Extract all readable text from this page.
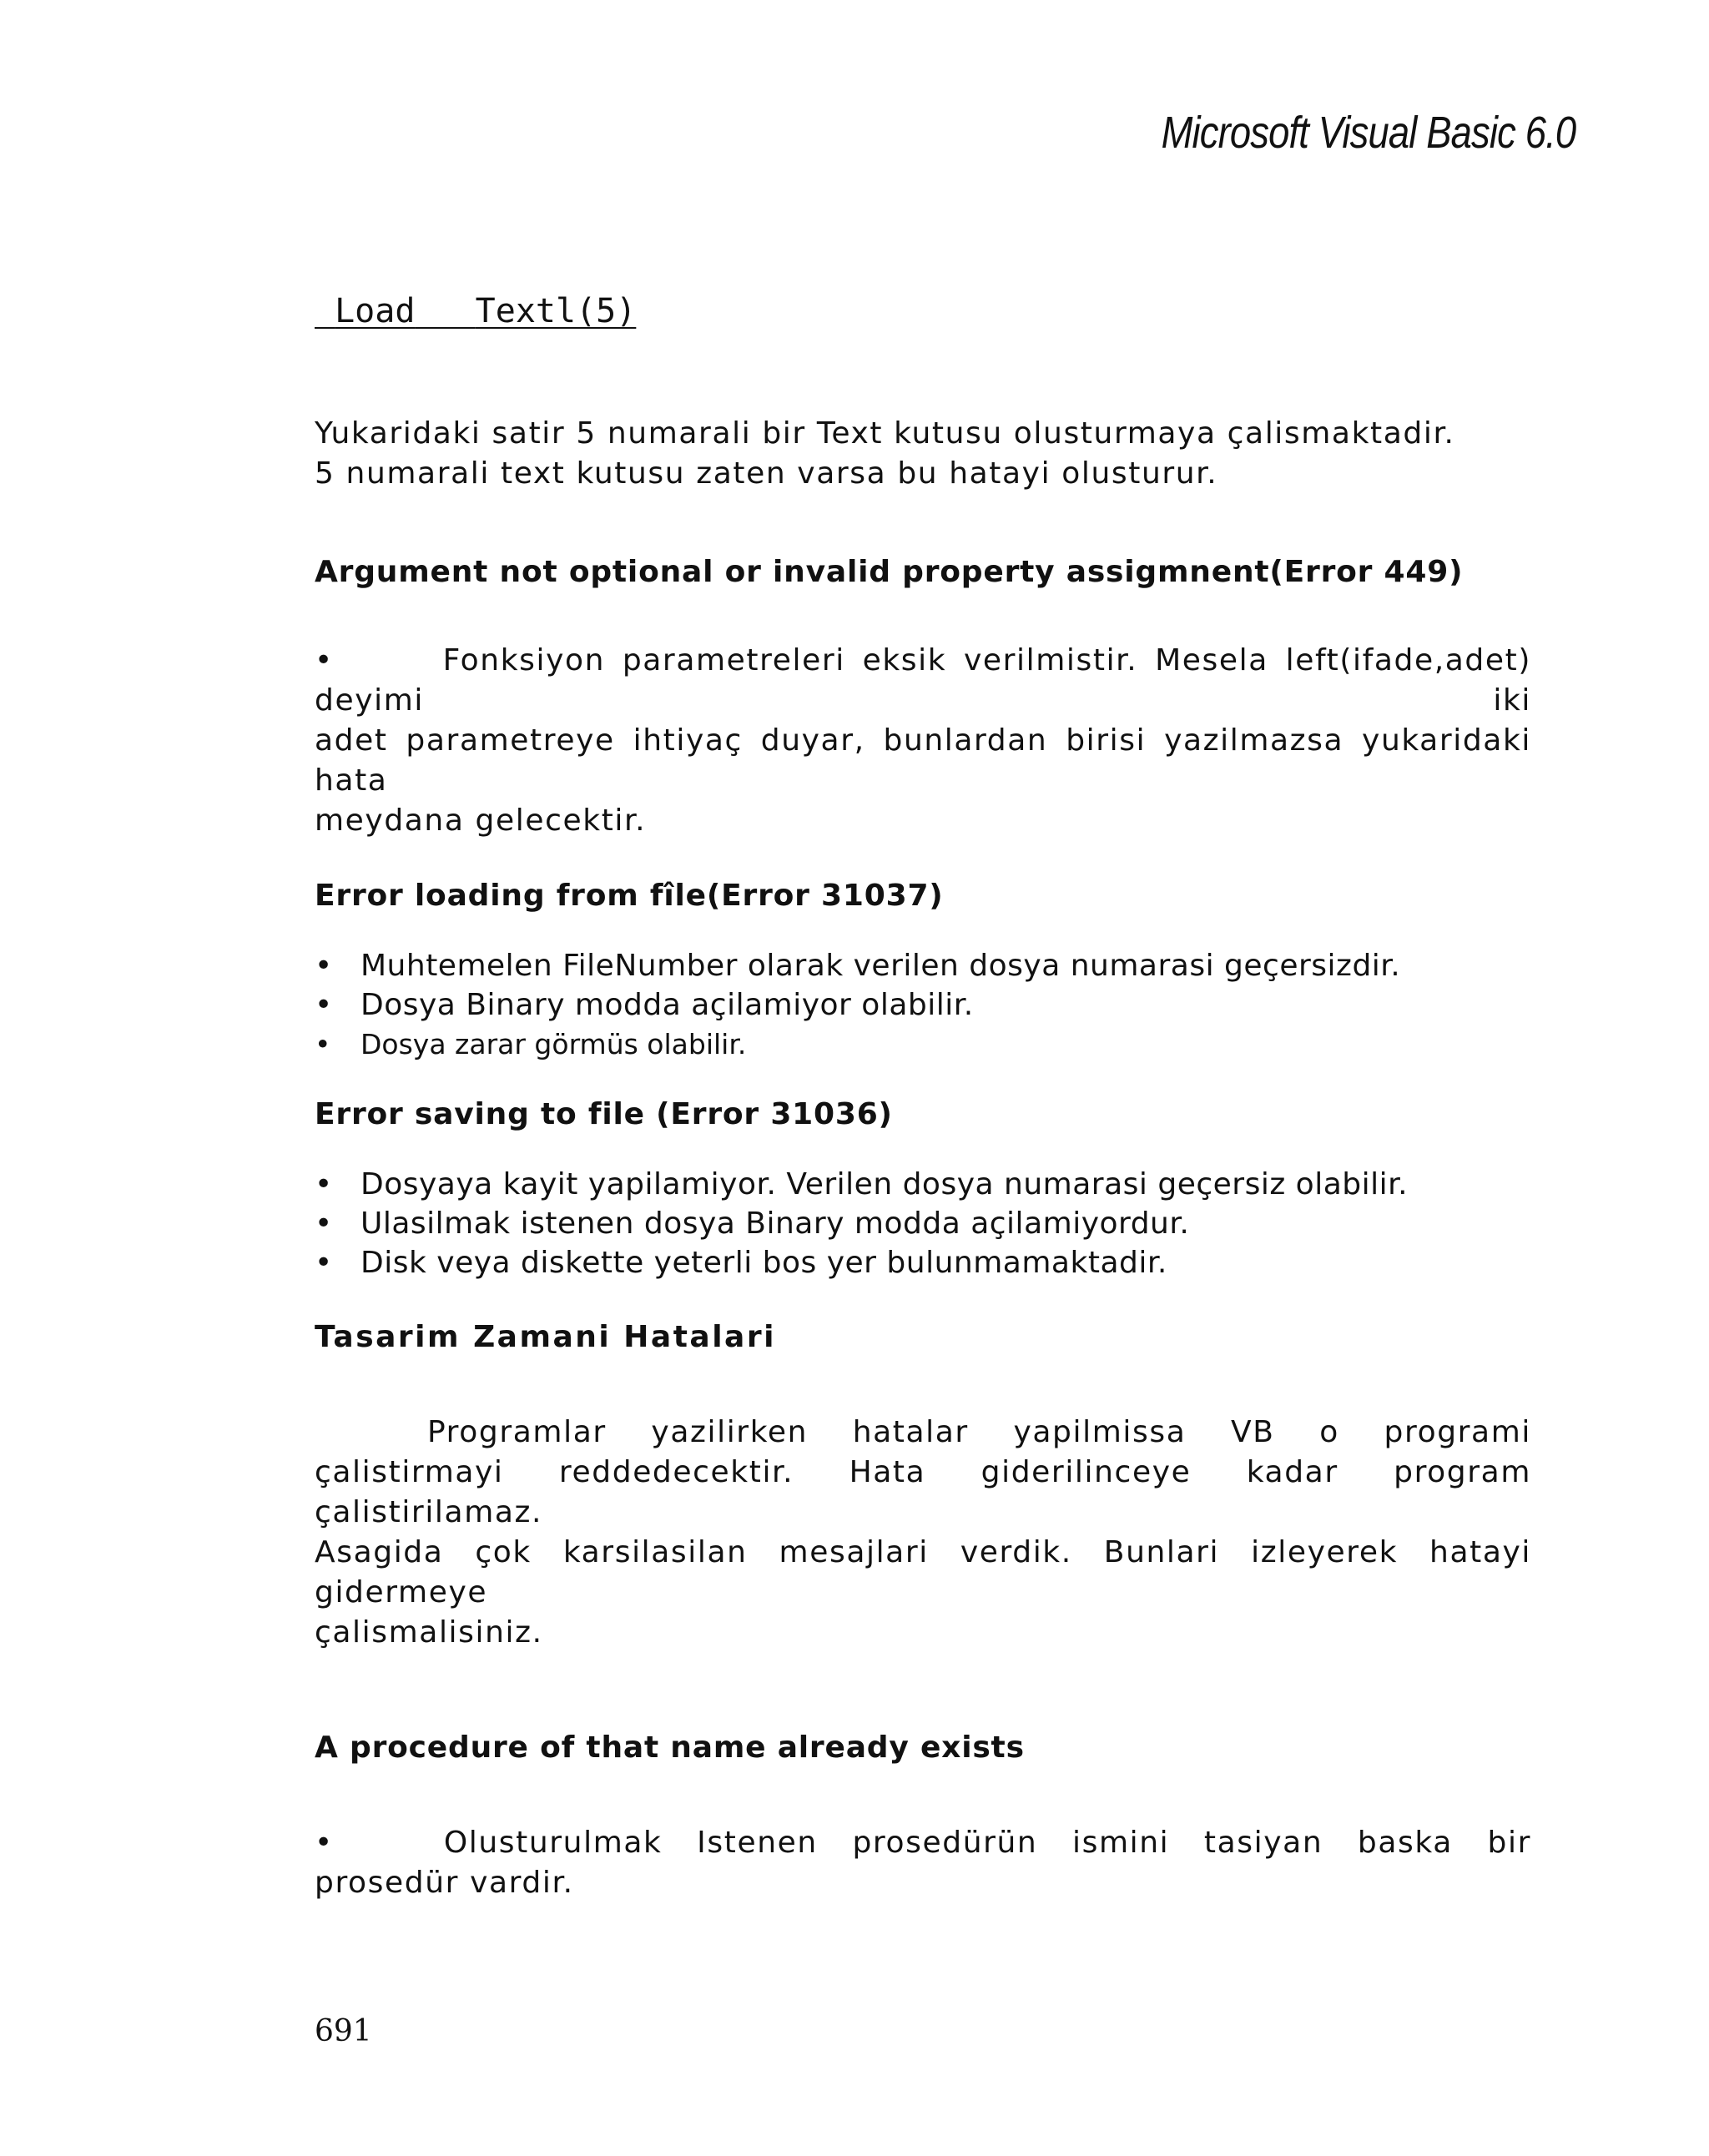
Microsoft Visual Basic 6.0
Load Textl(5)

Yukaridaki satir 5 numarali bir Text kutusu olusturmaya çalismaktadir.

5 numarali text kutusu zaten varsa bu hatayi olusturur.

Argument not optional or invalid property assigmnent(Error 449)

•	Fonksiyon parametreleri eksik verilmistir. Mesela left(ifade,adet)

deyimi	iki

adet parametreye ihtiyaç duyar, bunlardan birisi yazilmazsa yukaridaki

hata

meydana gelecektir.

Error loading from fîle(Error 31037)
• Muhtemelen FileNumber olarak verilen dosya numarasi geçersizdir.
• Dosya Binary modda açilamiyor olabilir.
• Dosya zarar görmüs olabilir.
Error saving to file (Error 31036)
• Dosyaya kayit yapilamiyor. Verilen dosya numarasi geçersiz olabilir.
• Ulasilmak istenen dosya Binary modda açilamiyordur.
• Disk veya diskette yeterli bos yer bulunmamaktadir.
Tasarim Zamani Hatalari

Programlar yazilirken hatalar yapilmissa VB o programi

çalistirmayi reddedecektir. Hata giderilinceye kadar program çalistirilamaz.

Asagida çok karsilasilan mesajlari verdik. Bunlari izleyerek hatayi gidermeye

çalismalisiniz.

A procedure of that name already exists

•	Olusturulmak Istenen prosedürün ismini tasiyan baska bir

prosedür vardir.

691
